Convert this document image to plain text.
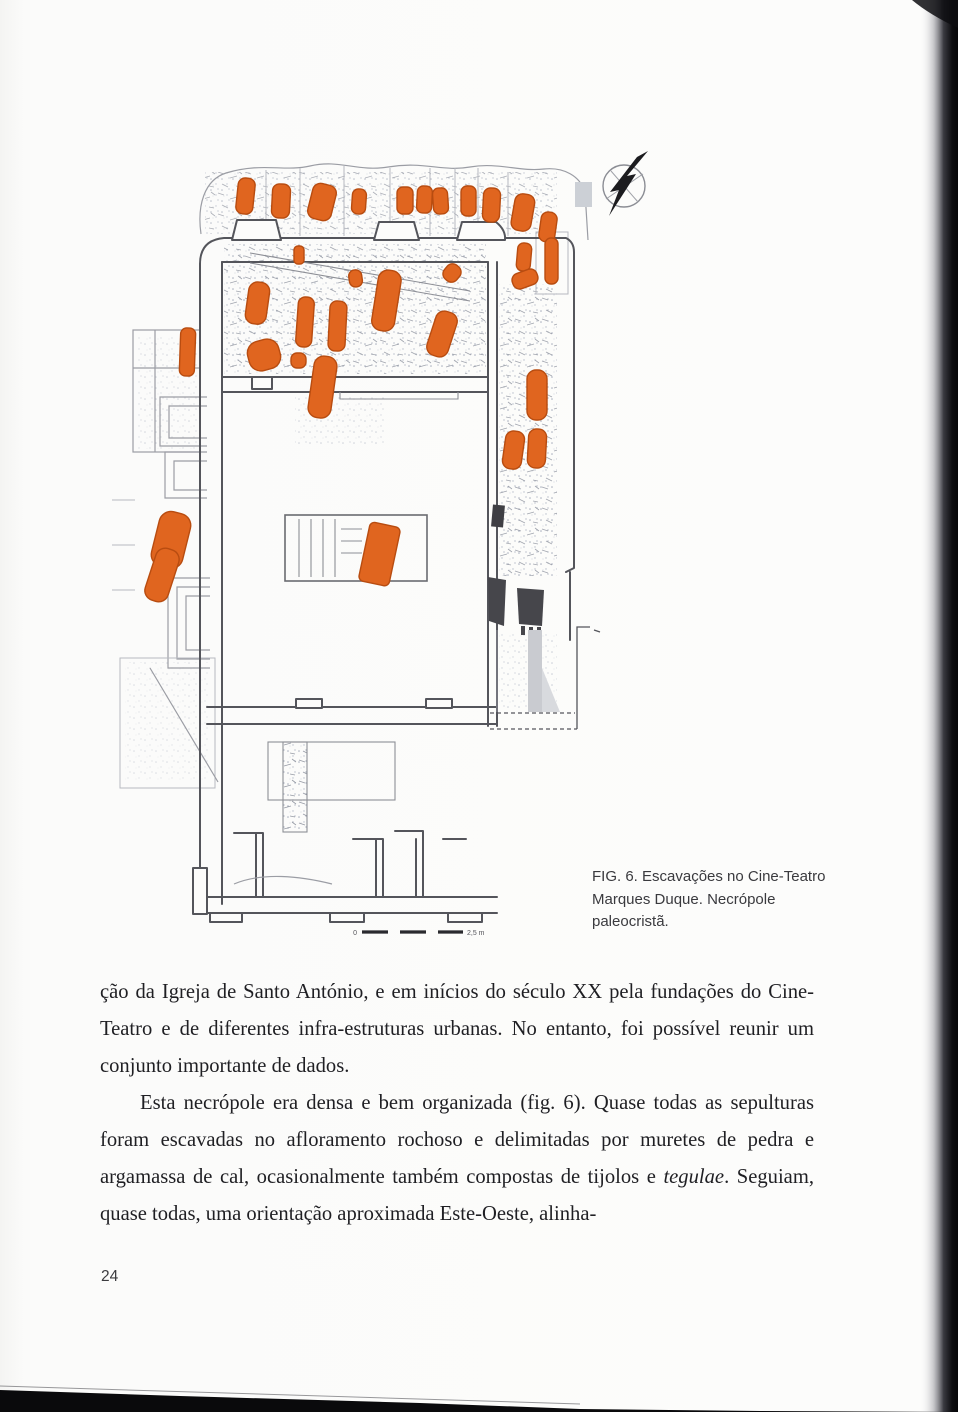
0	2,5 m
FIG. 6. Escavações no Cine-Teatro
Marques Duque. Necrópole
paleocristã.

ção da Igreja de Santo António, e em inícios do século XX pela fundações do Cine-Teatro e de diferentes infra-estruturas urbanas. No entanto, foi possível reunir um conjunto importante de dados.

Esta necrópole era densa e bem organizada (fig. 6). Quase todas as sepulturas foram escavadas no afloramento rochoso e delimitadas por muretes de pedra e argamassa de cal, ocasionalmente também compostas de tijolos e tegulae. Seguiam, quase todas, uma orientação aproximada Este-Oeste, alinha-

24
